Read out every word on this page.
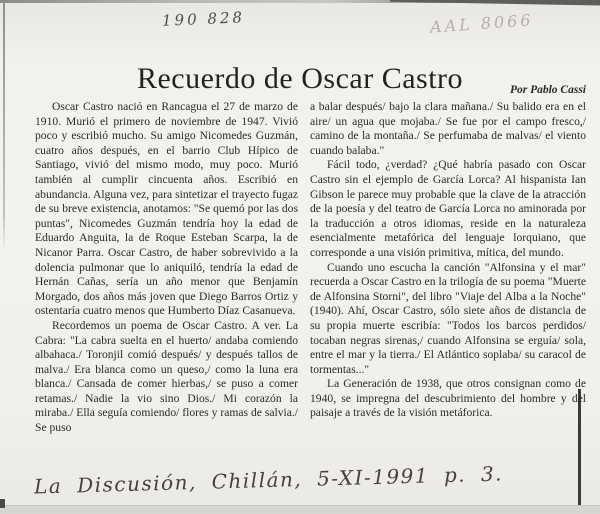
190 828	AAL 8066
La Discusión, Chillán, 5-XI-1991 p. 3.
Recuerdo de Oscar Castro	Por Pablo Cassi

Oscar Castro nació en Rancagua el 27 de marzo de 1910. Murió el primero de noviembre de 1947. Vivió poco y escribió mucho. Su amigo Nicomedes Guzmán, cuatro años después, en el barrio Club Hípico de Santiago, vivió del mismo modo, muy poco. Murió también al cumplir cincuenta años. Escribió en abundancia. Alguna vez, para sintetizar el trayecto fugaz de su breve existencia, anotamos: "Se quemó por las dos puntas", Nicomedes Guzmán tendría hoy la edad de Eduardo Anguita, la de Roque Esteban Scarpa, la de Nicanor Parra. Oscar Castro, de haber sobrevivido a la dolencia pulmonar que lo aniquiló, tendría la edad de Hernán Cañas, sería un año menor que Benjamín Morgado, dos años más joven que Diego Barros Ortiz y ostentaría cuatro menos que Humberto Díaz Casanueva.

Recordemos un poema de Oscar Castro. A ver. La Cabra: "La cabra suelta en el huerto/ andaba comiendo albahaca./ Toronjil comió después/ y después tallos de malva./ Era blanca como un queso,/ como la luna era blanca./ Cansada de comer hierbas,/ se puso a comer retamas./ Nadie la vio sino Dios./ Mi corazón la miraba./ Ella seguía comiendo/ flores y ramas de salvia./ Se puso

a balar después/ bajo la clara mañana./ Su balido era en el aire/ un agua que mojaba./ Se fue por el campo fresco,/ camino de la montaña./ Se perfumaba de malvas/ el viento cuando balaba."

Fácil todo, ¿verdad? ¿Qué habría pasado con Oscar Castro sin el ejemplo de García Lorca? Al hispanista Ian Gibson le parece muy probable que la clave de la atracción de la poesía y del teatro de García Lorca no aminorada por la traducción a otros idiomas, reside en la naturaleza esencialmente metafórica del lenguaje lorquiano, que corresponde a una visión primitiva, mítica, del mundo.

Cuando uno escucha la canción "Alfonsina y el mar" recuerda a Oscar Castro en la trilogía de su poema "Muerte de Alfonsina Storni", del libro "Viaje del Alba a la Noche" (1940). Ahí, Oscar Castro, sólo siete años de distancia de su propia muerte escribía: "Todos los barcos perdidos/ tocaban negras sirenas,/ cuando Alfonsina se erguía/ sola, entre el mar y la tierra./ El Atlántico soplaba/ su caracol de tormentas..."

La Generación de 1938, que otros consignan como de 1940, se impregna del descubrimiento del hombre y del paisaje a través de la visión metáforica.
